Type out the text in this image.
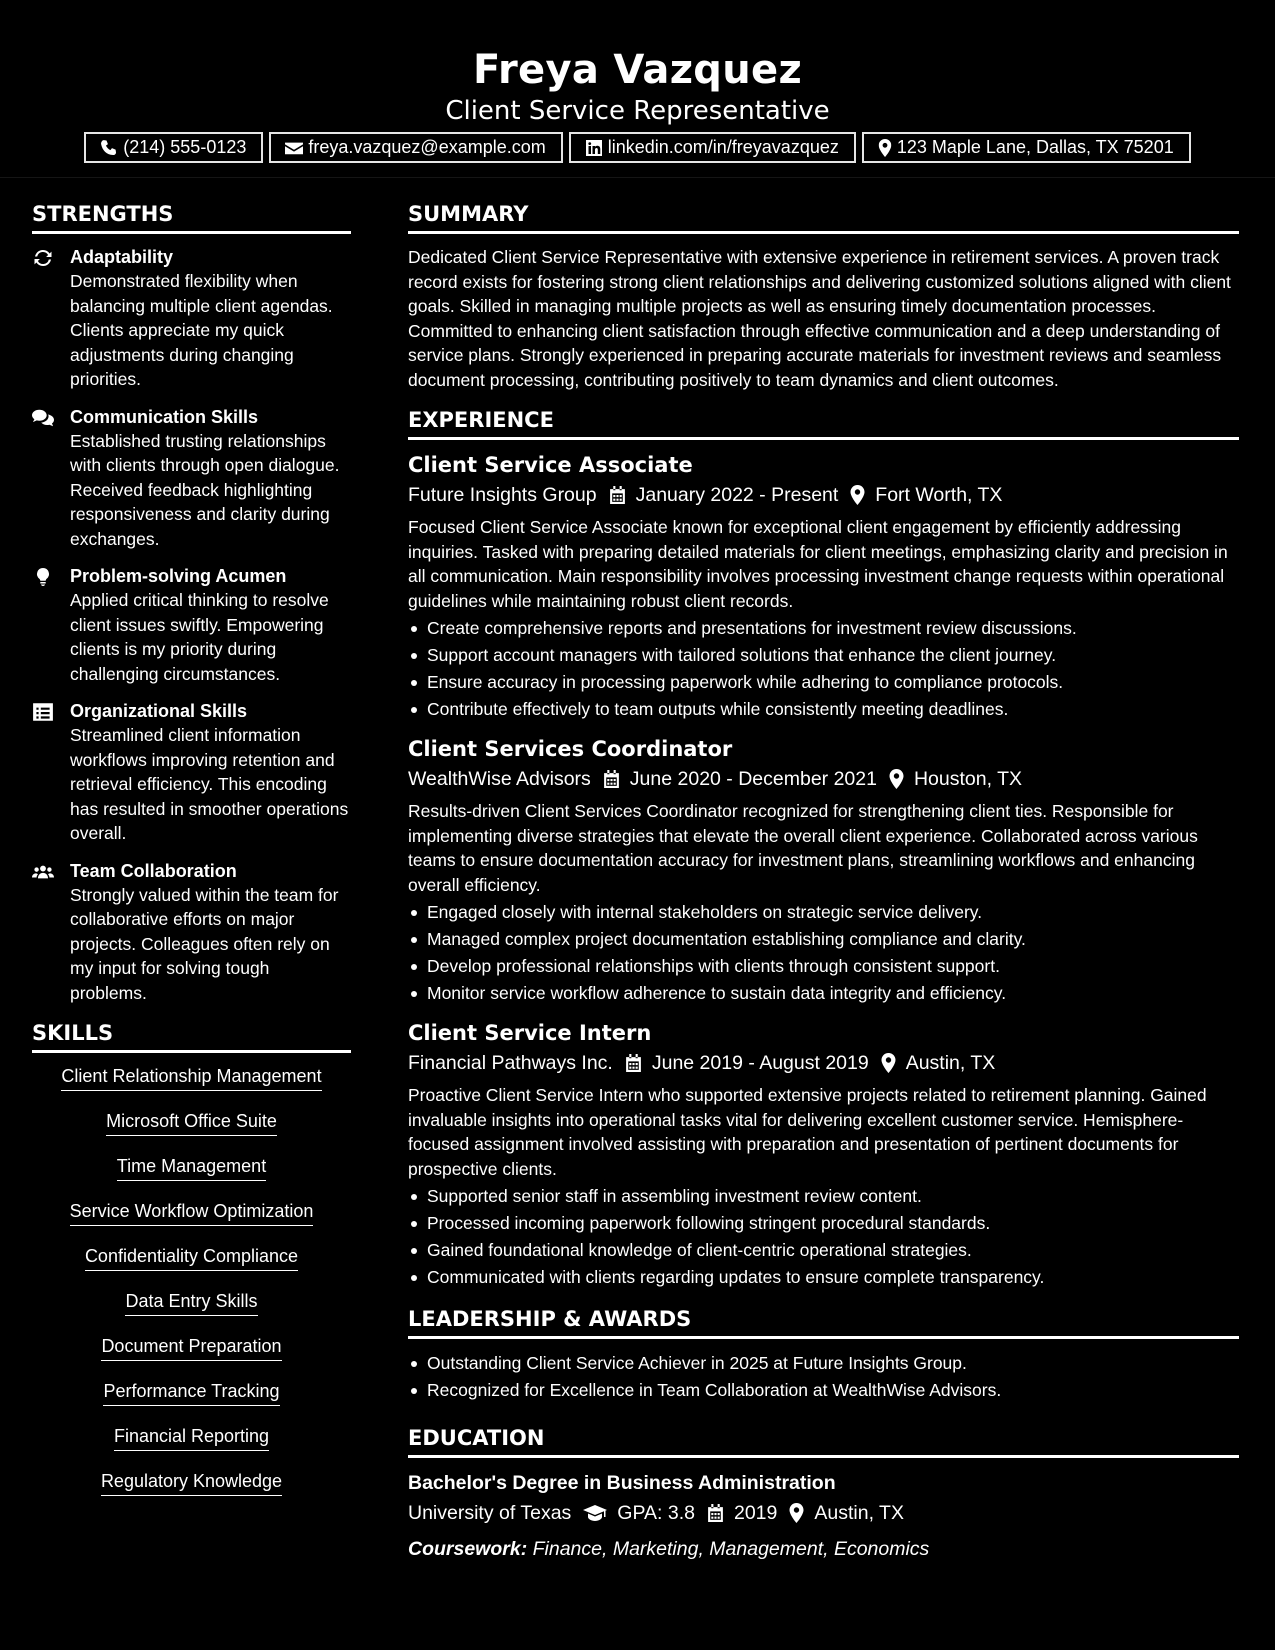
Freya Vazquez
Client Service Representative
(214) 555-0123	freya.vazquez@example.com	linkedin.com/in/freyavazquez	123 Maple Lane, Dallas, TX 75201
STRENGTHS
Adaptability
Demonstrated flexibility when balancing multiple client agendas. Clients appreciate my quick adjustments during changing priorities.
Communication Skills
Established trusting relationships with clients through open dialogue. Received feedback highlighting responsiveness and clarity during exchanges.
Problem-solving Acumen
Applied critical thinking to resolve client issues swiftly. Empowering clients is my priority during challenging circumstances.
Organizational Skills
Streamlined client information workflows improving retention and retrieval efficiency. This encoding has resulted in smoother operations overall.
Team Collaboration
Strongly valued within the team for collaborative efforts on major projects. Colleagues often rely on my input for solving tough problems.
SKILLS
Client Relationship Management
Microsoft Office Suite
Time Management
Service Workflow Optimization
Confidentiality Compliance
Data Entry Skills
Document Preparation
Performance Tracking
Financial Reporting
Regulatory Knowledge
SUMMARY

Dedicated Client Service Representative with extensive experience in retirement services. A proven track record exists for fostering strong client relationships and delivering customized solutions aligned with client goals. Skilled in managing multiple projects as well as ensuring timely documentation processes. Committed to enhancing client satisfaction through effective communication and a deep understanding of service plans. Strongly experienced in preparing accurate materials for investment reviews and seamless document processing, contributing positively to team dynamics and client outcomes.

EXPERIENCE
Client Service Associate
Future Insights Group January 2022 - Present Fort Worth, TX

Focused Client Service Associate known for exceptional client engagement by efficiently addressing inquiries. Tasked with preparing detailed materials for client meetings, emphasizing clarity and precision in all communication. Main responsibility involves processing investment change requests within operational guidelines while maintaining robust client records.

Create comprehensive reports and presentations for investment review discussions.
Support account managers with tailored solutions that enhance the client journey.
Ensure accuracy in processing paperwork while adhering to compliance protocols.
Contribute effectively to team outputs while consistently meeting deadlines.
Client Services Coordinator
WealthWise Advisors June 2020 - December 2021 Houston, TX

Results-driven Client Services Coordinator recognized for strengthening client ties. Responsible for implementing diverse strategies that elevate the overall client experience. Collaborated across various teams to ensure documentation accuracy for investment plans, streamlining workflows and enhancing overall efficiency.

Engaged closely with internal stakeholders on strategic service delivery.
Managed complex project documentation establishing compliance and clarity.
Develop professional relationships with clients through consistent support.
Monitor service workflow adherence to sustain data integrity and efficiency.
Client Service Intern
Financial Pathways Inc. June 2019 - August 2019 Austin, TX

Proactive Client Service Intern who supported extensive projects related to retirement planning. Gained invaluable insights into operational tasks vital for delivering excellent customer service. Hemisphere-focused assignment involved assisting with preparation and presentation of pertinent documents for prospective clients.

Supported senior staff in assembling investment review content.
Processed incoming paperwork following stringent procedural standards.
Gained foundational knowledge of client-centric operational strategies.
Communicated with clients regarding updates to ensure complete transparency.
LEADERSHIP & AWARDS
Outstanding Client Service Achiever in 2025 at Future Insights Group.
Recognized for Excellence in Team Collaboration at WealthWise Advisors.
EDUCATION
Bachelor's Degree in Business Administration
University of Texas GPA: 3.8 2019 Austin, TX
Coursework: Finance, Marketing, Management, Economics
